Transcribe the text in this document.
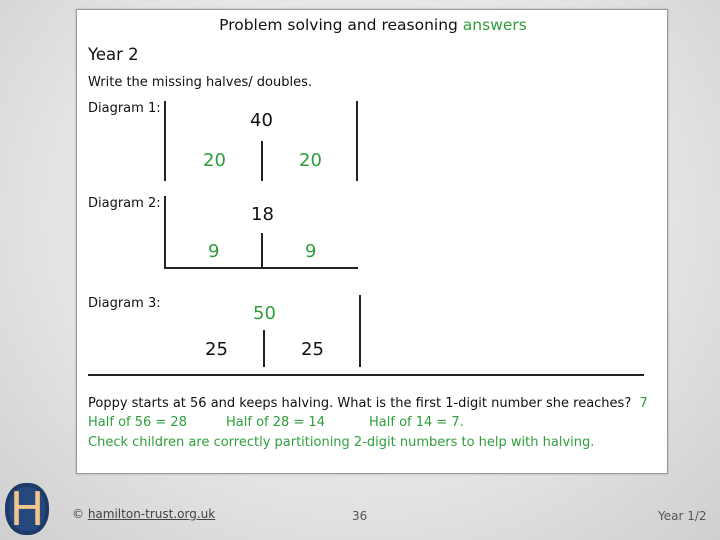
Problem solving and reasoning answers
Year 2
Write the missing halves/ doubles.
Diagram 1:
40
20	20
Diagram 2:
18
9	9
Diagram 3:	50
25	25
Poppy starts at 56 and keeps halving. What is the first 1-digit number she reaches? 7
Half of 56 = 28	Half of 28 = 14	Half of 14 = 7.
Check children are correctly partitioning 2-digit numbers to help with halving.
H	© hamilton-trust.org.uk	36	Year 1/2
